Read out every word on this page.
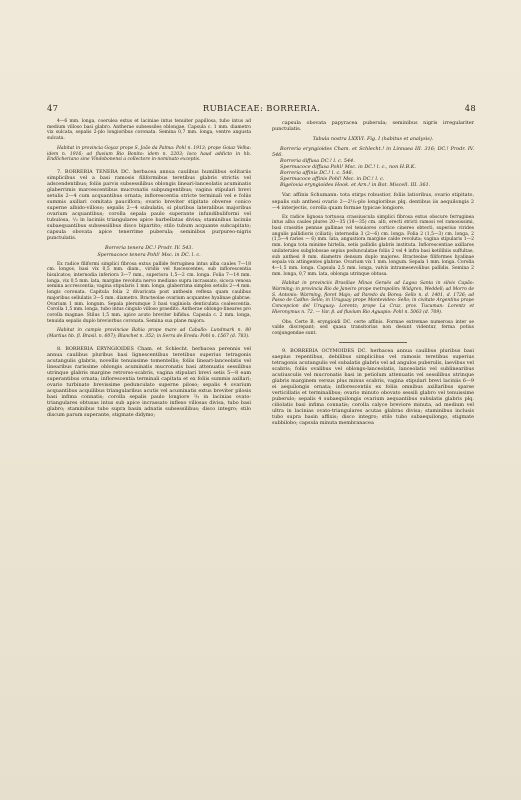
47	RUBIACEAE: BORRERIA.	48
4—6 mm. longa, coerulea extus et laciniae intus tenuiter papillosa, tubo intus ad medium villoso basi glabro. Antherae subsessiles oblongae. Capsula c. 1 mm. diametro vix sulcata, sepalis 2-plo longioribus coronata. Semina 0,7 mm. longa, ventre angusta sulcata.
Habitat in provincia Goyaz prope S. João da Palma: Pohl n. 1913; prope Goiaz Velha: idem n. 1916; ad fluvium Rio Bonito: idem n. 2203; loco haud addicto in hb. Endlicheriano sine Vindobonensi a collectore in-nominato exceptis.
7. BORRERIA TENERA DC. herbacea annua caulibus humilibus solitariis simplicibus vel a basi ramosis filiformibus teretibus glabris strictis vel adscendentibus; foliis parvis subsessilibus oblongis lineari-lanceolatis acuminatis glaberrimis marcescentibus mucronatis subpungentibus; vagina stipulari brevi setulis 2—4 cum acquantibus ornata; inflorescentia stricte terminali vel e foliis summis axillari comitata pauciflora; ovario breviter stipitato obverse conico superne albido-villoso; sepalis 2—4 subulatis, si pluribus lateralibus majoribus ovarium acquantibus; corolla sepala paulo superante infundibuliformi vel tubulosa, ¹/₂ in laciniis triangulares apice barbellatas divisa; staminibus laciniis subaequantibus subsessilibus disco bipartito; stilo tubum acquante subcapitato; capsula obovata apice tenerrime puberula; seminibus purpureo-nigris punctulatis.
Borreria tenera DC.! Prodr. IV. 543.
Spermacoce tenera Pohl! Msc. in DC. l. c.
Ex radice filiformi simplici fibrosa extus pallide ferruginea intus alba caules 7—18 cm. longos, basi vix 0,5 mm. diam., viridis vel fuscescentes, sub inflorescentia bisulcatos; internodia inferiora 3—7 mm., superiora 1,5—2 cm. longa. Folia 7—14 mm. longa, vix 0,5 mm. lata, margine revoluta nervo mediano supra incrassato, sicoca venosa semina accrescentia; vagina stipularis 1 mm. longa, glaberrima simplex setulis 2—4 mm. longis coronata. Capitula folia 2 divaricata post anthesin reflexa quam caulibus majoribus sellulatis 3—5 mm. diametro. Bracteolae ovarium acquantes hyalinae glabrae. Ovarium 1 mm. longum. Sepala plerumque 3 basi vaginiola denticulata coalescentia. Corolla 1,5 mm. longa, tubo intus cingulo villoso praedito. Antherae oblongo-lineares pro corolla magnae. Stilus 1,5 mm. apice acuto breviter bifidus. Capsula c. 2 mm. longa, tenuida sepalis duplo breviorbus coronata. Semina sua plane majora.
Habitat in campis provinciae Bahia prope mare ad Caballo: Lundmark n. 80 (Martius hb. fl. Brasil. n. 607); Blanchet n. 352; in Serra de Ereda: Pohl n. 1567 (d. 783).
8. BORRERIA ERYNGIOIDES Cham. et Schlecht. herbacea perennis vel annua caulibus pluribus basi lignescentibus teretibus superius tetragonis acutangulis glabris, novellis tenuissime tomentellis; foliis lineari-lanceolatis vel linearibus rarissime oblongis acuminatis mucronatis basi attenuatis sessilibus utrinque glabris margine retrorso-scabris, vagina stipulari brevi setis 5—8 eam superantibus ornata; inflorescentia terminali capitata et ex foliis summis axillari; ovario turbinato brevissime pedunculato superne piloso; sepalis 4 ovarium acquantibus acquilibus triangularibus acutis vel acuminatis extus breviter pilosis basi infima connatis; corolla sepalis paulo longiore ²/₃ in lacinias ovato-triangulares obtusas intus sub apice incrassato inflexo villosas divisa, tubo basi glabro; staminibus tubo supra basin adnatis subsessilibus; disco integro; stilo discum parum superante, stigmate didymo;
capsula obovata papyracea puberula; seminibus nigris irregulariter punctulatis.
Tabula nostra LXXVI. Fig. I (habitus et analysis).
Borreria eryngioides Cham. et Schlecht.! in Linnaea III. 316; DC.! Prodr. IV. 546.
Borreria diffusa DC.! l. c. 544.
Spermacoce diffusa Pohl! Msc. in DC.! l. c., non H.B.K.
Borreria affinis DC.! l. c. 546.
Spermacoce affinis Pohl! Msc. in DC.! l. c.
Bigelovia eryngioides Hook. et Arn.! in Bot. Miscell. III. 361.
Var. affinis Schumann: tota stirps robustior, foliis latioribus, ovario stipitato, sepalis sub anthesi ovario 2—2¹/₂-plo longioribus plq. dentibus iis aequilongis 2—4 interjectis, corolla quam formae typicae longiore.
Ex radice lignosa tortuosa crassiuscula simplici fibrosa extus obscure ferruginea intus alba caules plures 20—35 (18—35) cm. alti, erecti stricti ramosi vel ramosissimi, basi crassitie pennae gallinae vel tenuiores cortice cinereo obtecti, superius virides angulis pallidioris (ciliati); internodia 3 (2—6) cm. longa. Folia 2 (1,5—3) cm. longa, 2 (1,5—4 raries — 6) mm. lata, angustiora margine calde revoluta; vagina stipularis 1—2 mm. longa tota minime hirtella, setis pallidis glabris instituta. Inflorescentiae axillares unilaterales subglobosae sepius pedunculatae foliis 2 vel 4 infra basi ketilibiis suffultae, sub anthesi 8 mm. diametro densum duplo majores. Bracteolae filiformes hyalinae sepala vix attingentes glabrae. Ovarium vix 1 mm. longum. Sepala 1 mm. longa. Corolla 4—1,5 mm. longa. Capsula 2,5 mm. longa, valvis intramesevolibus pallidis. Semina 2 mm. longa, 0,7 mm. lata, oblonga utrinque obtusa.
Habitat in provinciis Brasiliae Minas Geraës ad Lagoa Santa in silvis Capão: Warming; in provincia Rio de Janeiro prope metropolim: Widgren, Weddell; ad Morro de S. Antonio: Warming, floret Majo; ad Paredo da Borea: Sello n. d. 1401, d. 1726; ad Passo de Cadhe: Sello; in Uruguay prope Montevideo: Sello; in civitate Argentina prope Concepcion del Uruguay: Lorentz; prope La Cruz, prov. Tucuman: Lorentz et Hieronymus n. 72. — Var. β. ad fluvium Rio Aguapio: Pohl n. 5063 (d. 709).
Obs. Certe B. eryngioidi DC. certe affinis. Formae extremae numerosa inter se valde discrepant; sed quasa transitorias non desunt videntur, ferma potius conjungendae sunt.
9. BORRERIA OCYMOIDES DC. herbacea annua caulibus pluribus basi saepius repentibus, debilibus simplicibus vel ramosis teretibus superius tetragonis acutangulis vel subalatis glabris vel ad angulos puberulis, laevibus vel scabris; foliis ovalibus vel oblongo-lanceolatis, lanceolatis vel sublinearibus acutiusculis vel mucronatis basi in petiolum attenuatis vel sessilibus utrinque glabris marginem versus plus minus scabris, vagina stipulari brevi laciniis 6—9 ei aequilongis ornata; inflorescentiis ex foliis omnibus axillaribus sparse verticillatis et terminalibus; ovario minuto obovato sessili glabro vel tenuissime puberulo; sepalis 4 subaequilongis ovarium aequantibus subulatis glabris plq. ciliolatis basi infima connatis; corolla calyce breviore minuta, ad medium vel ultra in lacinias ovato-triangulares acutas glabras divisa; staminibus inclusis tubo supra basin affixis; disco integro; stilo tubo subaequilongo, stigmate subbilobo; capsula minuta membranacea
